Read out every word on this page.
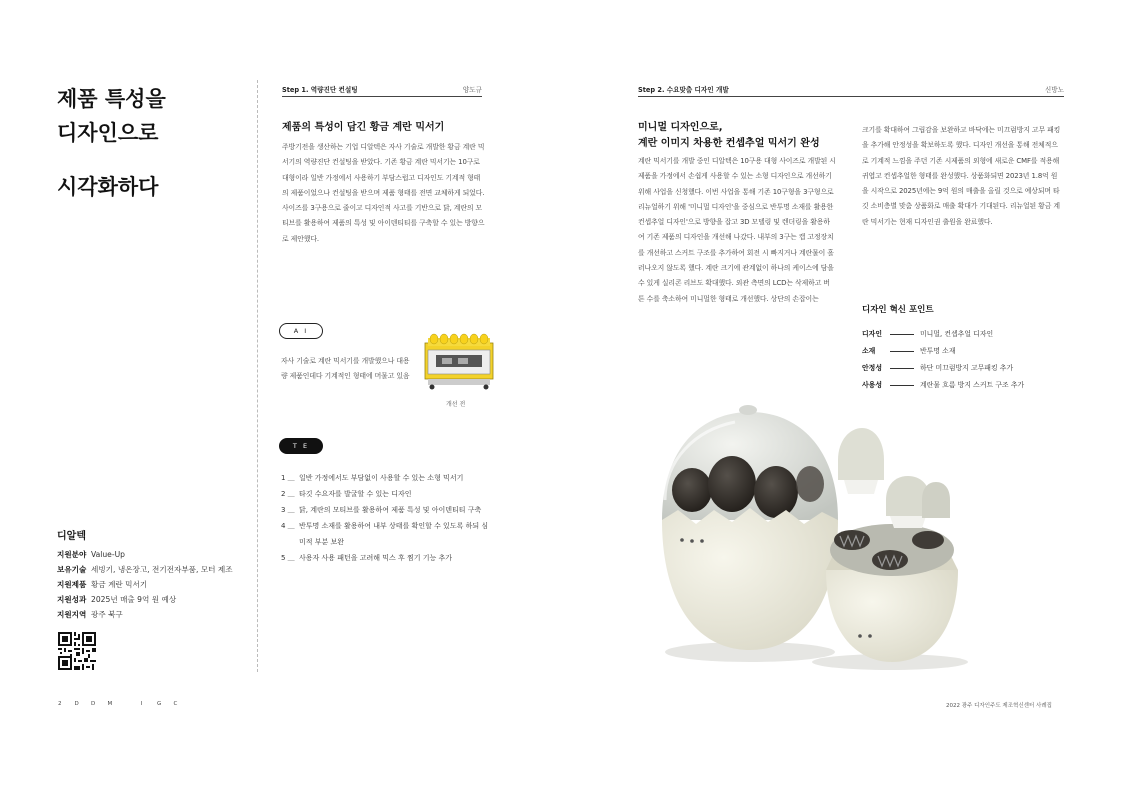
제품 특성을
디자인으로
시각화하다
디알텍
지원분야 Value-Up
보유기술 세빙기, 냉온장고, 전기전자부품, 모터 제조
지원제품 황금 계란 믹서기
지원성과 2025년 매출 9억 원 예상
지원지역 광주 북구
Step 1. 역량진단 컨설팅	양도규
제품의 특성이 담긴 황금 계란 믹서기
주방기전을 생산하는 기업 디알텍은 자사 기술로 개발한 황금 계란 믹서기의 역량진단 컨설팅을 받았다. 기존 황금 계란 믹서기는 10구로 대형이라 일반 가정에서 사용하기 부담스럽고 디자인도 기계적 형태의 제품이었으나 컨설팅을 받으며 제품 형태를 전면 교체하게 되었다. 사이즈를 3구용으로 줄이고 디자인적 사고를 기반으로 닭, 계란의 모티브를 활용하여 제품의 특성 및 아이덴티티를 구축할 수 있는 방향으로 제안했다.
A I
자사 기술로 계란 믹서기를 개발했으나 대용량 제품인데다 기계적인 형태에 머물고 있음
개선 전
T E
1 ＿ 일반 가정에서도 부담없이 사용할 수 있는 소형 믹서기
2 ＿ 타깃 수요자를 발굴할 수 있는 디자인
3 ＿ 닭, 계란의 모티브를 활용하여 제품 특성 및 아이덴티티 구축
4 ＿ 반투명 소재를 활용하여 내부 상태를 확인할 수 있도록 하되 심미적 부분 보완
5 ＿ 사용자 사용 패턴을 고려해 믹스 후 찜기 기능 추가
Step 2. 수요맞춤 디자인 개발	신방노
미니멀 디자인으로,
계란 이미지 차용한 컨셉추얼 믹서기 완성
계란 믹서기를 개발 중인 디알텍은 10구용 대형 사이즈로 개발된 시제품을 가정에서 손쉽게 사용할 수 있는 소형 디자인으로 개선하기 위해 사업을 신청했다. 이번 사업을 통해 기존 10구형을 3구형으로 리뉴얼하기 위해 '미니멀 디자인'을 중심으로 반투명 소재를 활용한 컨셉추얼 디자인'으로 방향을 잡고 3D 모델링 및 렌더링을 활용하여 기존 제품의 디자인을 개선해 나갔다. 내부의 3구는 캡 고정장치를 개선하고 스커트 구조를 추가하여 회전 시 빠지거나 계란물이 흘러나오지 않도록 했다. 계란 크기에 관계없이 하나의 케이스에 담을 수 있게 실리콘 리브도 확대했다. 외관 측면의 LCD는 삭제하고 버튼 수를 축소하여 미니멀한 형태로 개선했다. 상단의 손잡이는
크기를 확대하여 그립감을 보완하고 바닥에는 미끄럼방지 고무 패킹을 추가해 안정성을 확보하도록 했다. 디자인 개선을 통해 전체적으로 기계적 느낌을 주던 기존 시제품의 외형에 새로운 CMF를 적용해 귀엽고 컨셉추얼한 형태를 완성했다. 상품화되면 2023년 1.8억 원을 시작으로 2025년에는 9억 원의 매출을 올릴 것으로 예상되며 타깃 소비층별 맞춤 상품화로 매출 확대가 기대된다. 리뉴얼된 황금 계란 믹서기는 현재 디자인권 출원을 완료했다.
디자인 혁신 포인트
디자인	미니멀, 컨셉추얼 디자인
소재	반투명 소재
안정성	하단 미끄럼방지 고무패킹 추가
사용성	계란물 흐름 방지 스커트 구조 추가
2	D	D	M	I	G	C	2022 광주 디자인주도 제조혁신센터 사례집
